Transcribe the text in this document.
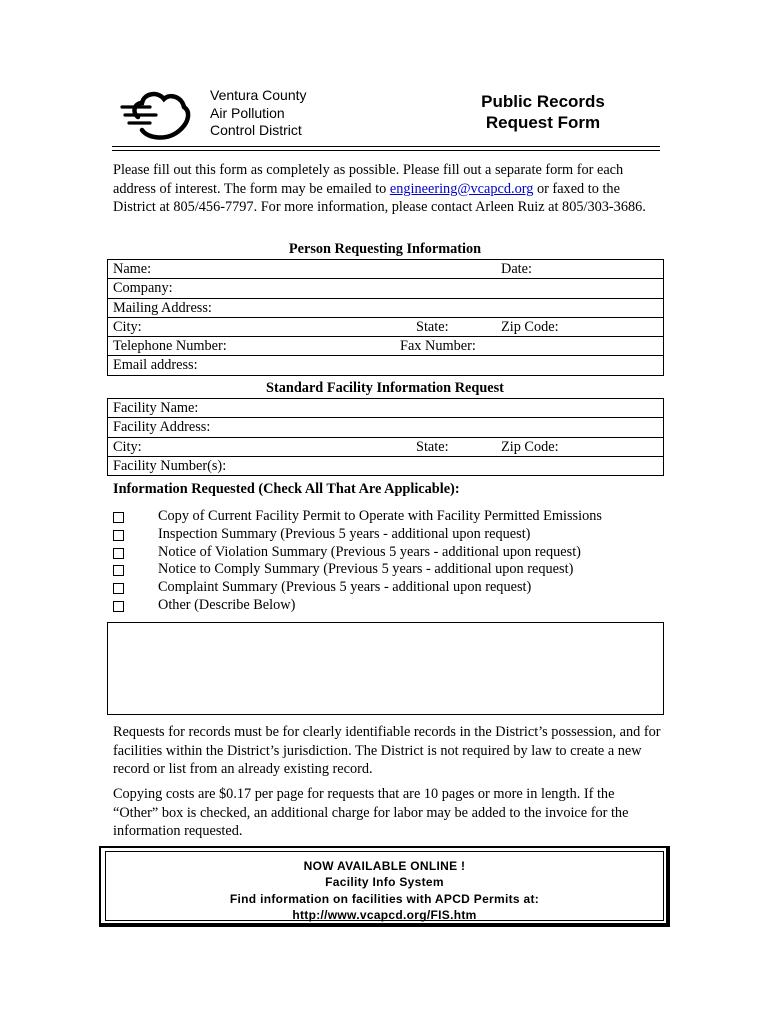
Ventura County
Air Pollution
Control District
Public Records
Request Form
Please fill out this form as completely as possible. Please fill out a separate form for each address of interest. The form may be emailed to engineering@vcapcd.org or faxed to the District at 805/456-7797. For more information, please contact Arleen Ruiz at 805/303-3686.
Person Requesting Information
Name:	Date:
Company:
Mailing Address:
City:	State:	Zip Code:
Telephone Number:	Fax Number:
Email address:
Standard Facility Information Request
Facility Name:
Facility Address:
City:	State:	Zip Code:
Facility Number(s):
Information Requested (Check All That Are Applicable):
Copy of Current Facility Permit to Operate with Facility Permitted Emissions
Inspection Summary (Previous 5 years - additional upon request)
Notice of Violation Summary (Previous 5 years - additional upon request)
Notice to Comply Summary (Previous 5 years - additional upon request)
Complaint Summary (Previous 5 years - additional upon request)
Other (Describe Below)
Requests for records must be for clearly identifiable records in the District’s possession, and for facilities within the District’s jurisdiction. The District is not required by law to create a new record or list from an already existing record.
Copying costs are $0.17 per page for requests that are 10 pages or more in length. If the “Other” box is checked, an additional charge for labor may be added to the invoice for the information requested.
NOW AVAILABLE ONLINE !
Facility Info System
Find information on facilities with APCD Permits at:
http://www.vcapcd.org/FIS.htm
